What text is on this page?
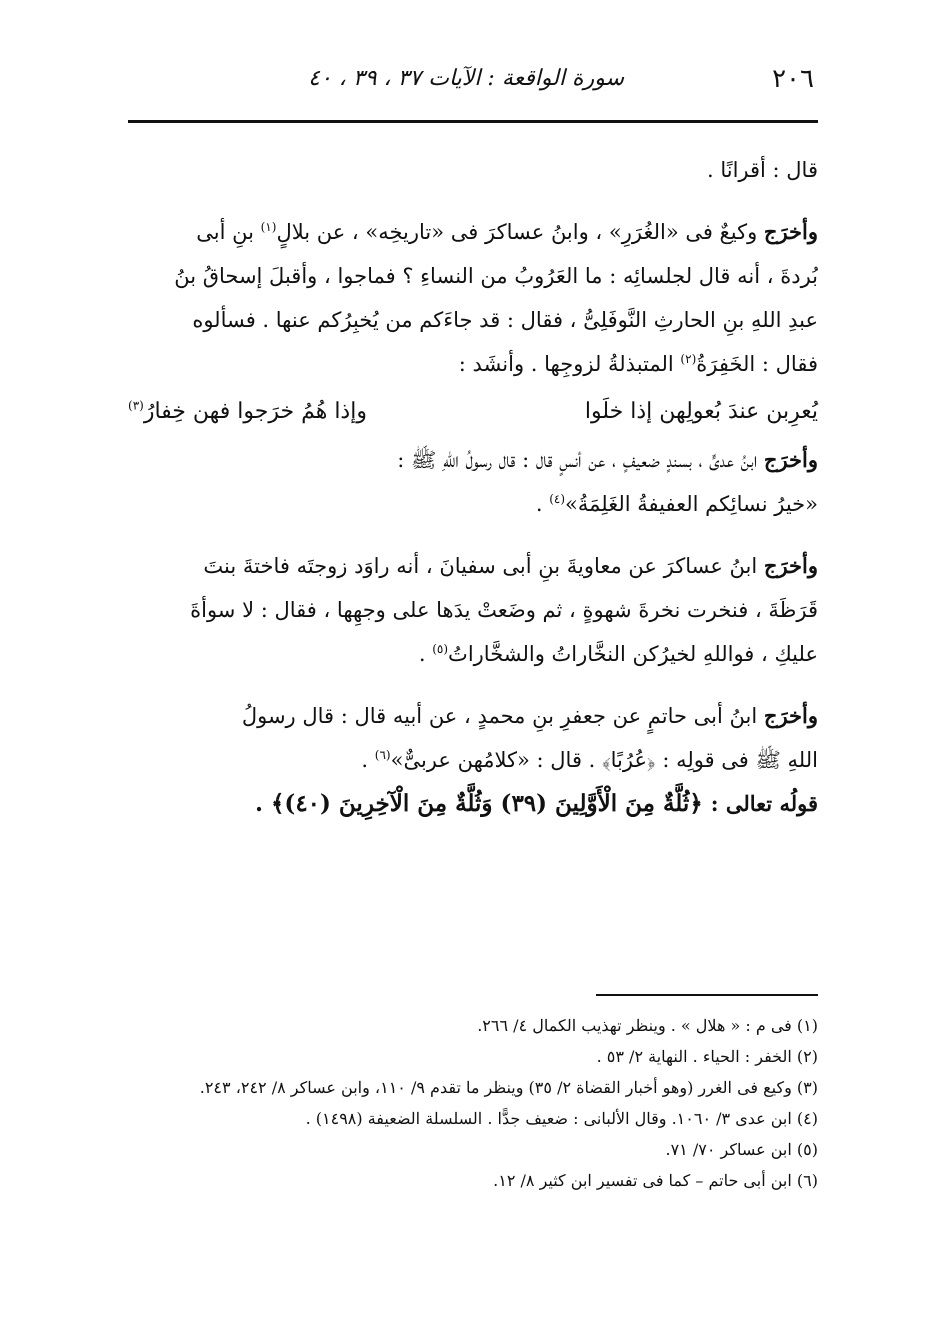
٢٠٦
سورة الواقعة : الآيات ٣٧ ، ٣٩ ، ٤٠
قال : أقرانًا .
وأخرَج وكيعٌ فى «الغُرَرِ» ، وابنُ عساكرَ فى «تاريخِه» ، عن بلالٍ$^{(١)}$ بنِ أبى
بُردةَ ، أنه قال لجلسائِه : ما العَرُوبُ من النساءِ ؟ فماجوا ، وأقبلَ إسحاقُ بنُ
عبدِ اللهِ بنِ الحارثِ النَّوفَلِىُّ ، فقال : قد جاءَكم من يُخبِرُكم عنها . فسألوه
فقال : الخَفِرَةُ$^{(٢)}$ المتبذلةُ لزوجِها . وأنشَد :
يُعرِبن عندَ بُعولِهن إذا خلَوا
وإذا هُمُ خرَجوا فهن خِفارُ$^{(٣)}$
وأخرَج ابنُ عدىٍّ ، بسندٍ ضعيفٍ ، عن أنسٍ قال : قال رسولُ اللهِ ﷺ :
«خيرُ نسائِكم العفيفةُ الغَلِمَةُ»$^{(٤)}$ .
وأخرَج ابنُ عساكرَ عن معاويةَ بنِ أبى سفيانَ ، أنه راوَد زوجتَه فاختةَ بنتَ
قَرَظَةَ ، فنخرت نخرةَ شهوةٍ ، ثم وضَعتْ يدَها على وجهِها ، فقال : لا سوأةَ
عليكِ ، فواللهِ لخيرُكن النخَّاراتُ والشخَّاراتُ$^{(٥)}$ .
وأخرَج ابنُ أبى حاتمٍ عن جعفرِ بنِ محمدٍ ، عن أبيه قال : قال رسولُ
اللهِ ﷺ فى قولِه : ﴿عُرُبًا﴾ . قال : «كلامُهن عربىٌّ»$^{(٦)}$ .
قولُه تعالى : ﴿ثُلَّةٌ مِنَ الْأَوَّلِينَ (٣٩) وَثُلَّةٌ مِنَ الْآخِرِينَ (٤٠)﴾ .
(١) فى م : « هلال » . وينظر تهذيب الكمال ٤/ ٢٦٦.
(٢) الخفر : الحياء . النهاية ٢/ ٥٣ .
(٣) وكيع فى الغرر (وهو أخبار القضاة ٢/ ٣٥) وينظر ما تقدم ٩/ ١١٠، وابن عساكر ٨/ ٢٤٢، ٢٤٣.
(٤) ابن عدى ٣/ ١٠٦٠. وقال الألبانى : ضعيف جدًّا . السلسلة الضعيفة (١٤٩٨) .
(٥) ابن عساكر ٧٠/ ٧١.
(٦) ابن أبى حاتم – كما فى تفسير ابن كثير ٨/ ١٢.
